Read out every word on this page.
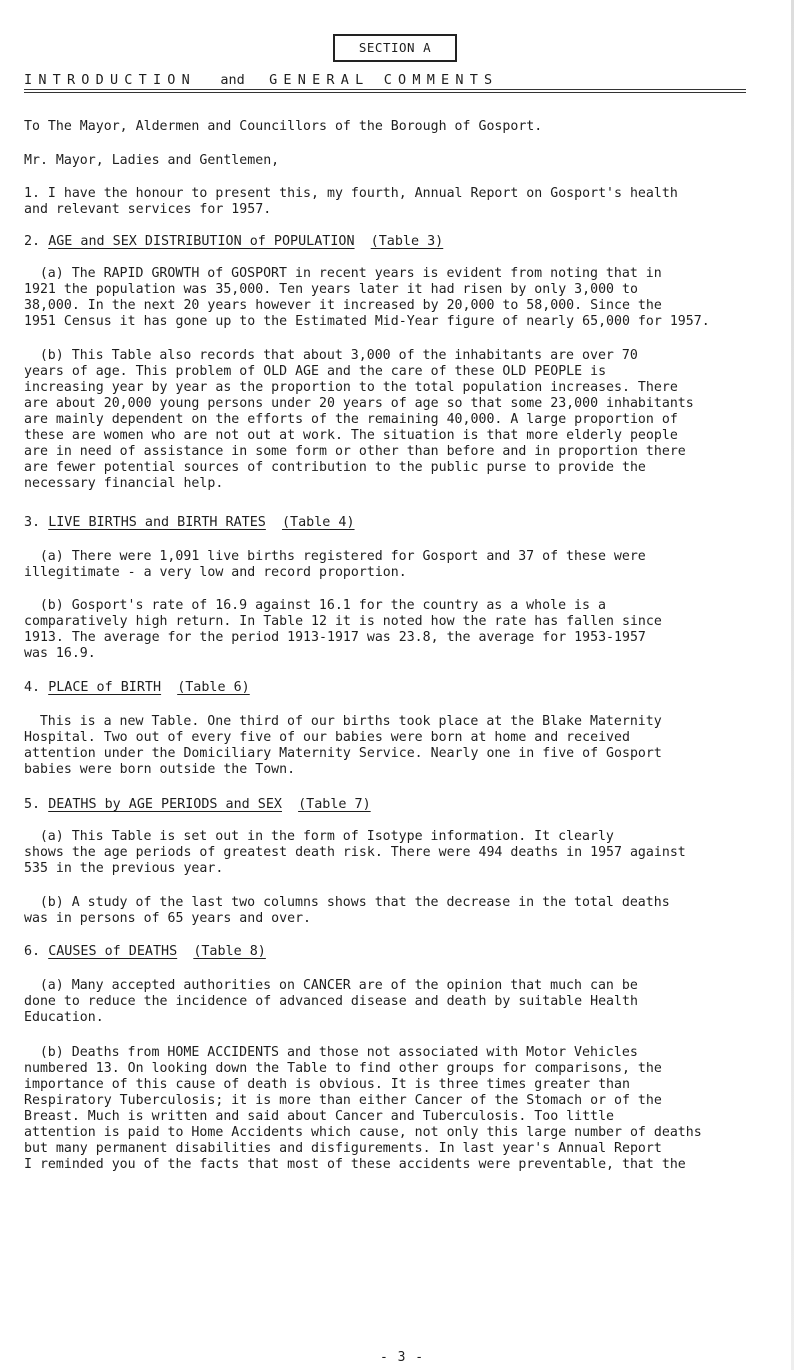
SECTION A
INTRODUCTION and GENERAL COMMENTS
To The Mayor, Aldermen and Councillors of the Borough of Gosport.
Mr. Mayor, Ladies and Gentlemen,
1. I have the honour to present this, my fourth, Annual Report on Gosport's health
and relevant services for 1957.
2. AGE and SEX DISTRIBUTION of POPULATION (Table 3)
(a) The RAPID GROWTH of GOSPORT in recent years is evident from noting that in
1921 the population was 35,000. Ten years later it had risen by only 3,000 to
38,000. In the next 20 years however it increased by 20,000 to 58,000. Since the
1951 Census it has gone up to the Estimated Mid-Year figure of nearly 65,000 for 1957.
(b) This Table also records that about 3,000 of the inhabitants are over 70
years of age. This problem of OLD AGE and the care of these OLD PEOPLE is
increasing year by year as the proportion to the total population increases. There
are about 20,000 young persons under 20 years of age so that some 23,000 inhabitants
are mainly dependent on the efforts of the remaining 40,000. A large proportion of
these are women who are not out at work. The situation is that more elderly people
are in need of assistance in some form or other than before and in proportion there
are fewer potential sources of contribution to the public purse to provide the
necessary financial help.
3. LIVE BIRTHS and BIRTH RATES (Table 4)
(a) There were 1,091 live births registered for Gosport and 37 of these were
illegitimate - a very low and record proportion.
(b) Gosport's rate of 16.9 against 16.1 for the country as a whole is a
comparatively high return. In Table 12 it is noted how the rate has fallen since
1913. The average for the period 1913-1917 was 23.8, the average for 1953-1957
was 16.9.
4. PLACE of BIRTH (Table 6)
This is a new Table. One third of our births took place at the Blake Maternity
Hospital. Two out of every five of our babies were born at home and received
attention under the Domiciliary Maternity Service. Nearly one in five of Gosport
babies were born outside the Town.
5. DEATHS by AGE PERIODS and SEX (Table 7)
(a) This Table is set out in the form of Isotype information. It clearly
shows the age periods of greatest death risk. There were 494 deaths in 1957 against
535 in the previous year.
(b) A study of the last two columns shows that the decrease in the total deaths
was in persons of 65 years and over.
6. CAUSES of DEATHS (Table 8)
(a) Many accepted authorities on CANCER are of the opinion that much can be
done to reduce the incidence of advanced disease and death by suitable Health
Education.
(b) Deaths from HOME ACCIDENTS and those not associated with Motor Vehicles
numbered 13. On looking down the Table to find other groups for comparisons, the
importance of this cause of death is obvious. It is three times greater than
Respiratory Tuberculosis; it is more than either Cancer of the Stomach or of the
Breast. Much is written and said about Cancer and Tuberculosis. Too little
attention is paid to Home Accidents which cause, not only this large number of deaths
but many permanent disabilities and disfigurements. In last year's Annual Report
I reminded you of the facts that most of these accidents were preventable, that the
- 3 -
